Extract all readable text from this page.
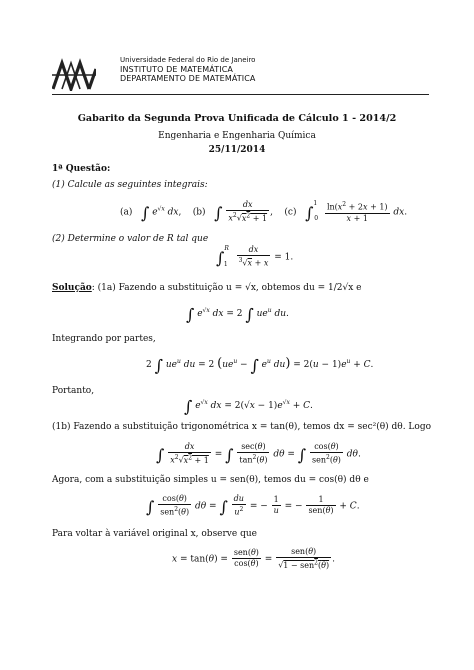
Universidade Federal do Rio de Janeiro
INSTITUTO DE MATEMÁTICA
DEPARTAMENTO DE MATEMÁTICA
Gabarito da Segunda Prova Unificada de Cálculo 1 - 2014/2
Engenharia e Engenharia Química
25/11/2014
1ª Questão:
(1) Calcule as seguintes integrais:
(a) ∫ $e^{√x}$ dx,    (b) ∫ $\frac{dx}{x^2√x^2 + 1}$ ,    (c) $\int^1_0 \frac{\ln(x^2 + 2x + 1)}{x + 1}$ dx.
(2) Determine o valor de R tal que
$\int^R_1 \frac{dx}{^3√x + x} = 1$.
Solução: (1a) Fazendo a substituição u = √x, obtemos du = 1/2√x e
∫ $e^{√x}$ dx = 2 ∫ $ue^u$ du.
Integrando por partes,
2 ∫ $ue^u$ du = 2 ($ue^u$ − ∫ $e^u$ $du) = 2(u - 1)e^u + C$.
Portanto,
∫ $e^{√x}$ dx = $2(√x - 1)e^{√x} + C$.
(1b) Fazendo a substituição trigonométrica x = tan(θ), temos dx = sec²(θ) dθ. Logo
∫ $\frac{dx}{x^2√x^2 + 1}$ = ∫ $\frac{\sec(\theta)}{\tan^2(\theta)}$ dθ = ∫ $\frac{\cos(\theta)}{sen^2(\theta)} d\theta$.
Agora, com a substituição simples u = sen(θ), temos du = cos(θ) dθ e
∫ $\frac{\cos(\theta)}{sen^2(\theta)}$ dθ = ∫ $\frac{du}{u^2}$ = − $\frac{1}{u}$ = − $\frac{1}{\text{sen(θ)}} + C$.
Para voltar à variável original x, observe que
$x = \tan(\theta) = \frac{\text{sen(θ)}}{\cos(\theta)} = \frac{\text{sen(θ)}}{√1 - sen^2(\theta)}$ .
